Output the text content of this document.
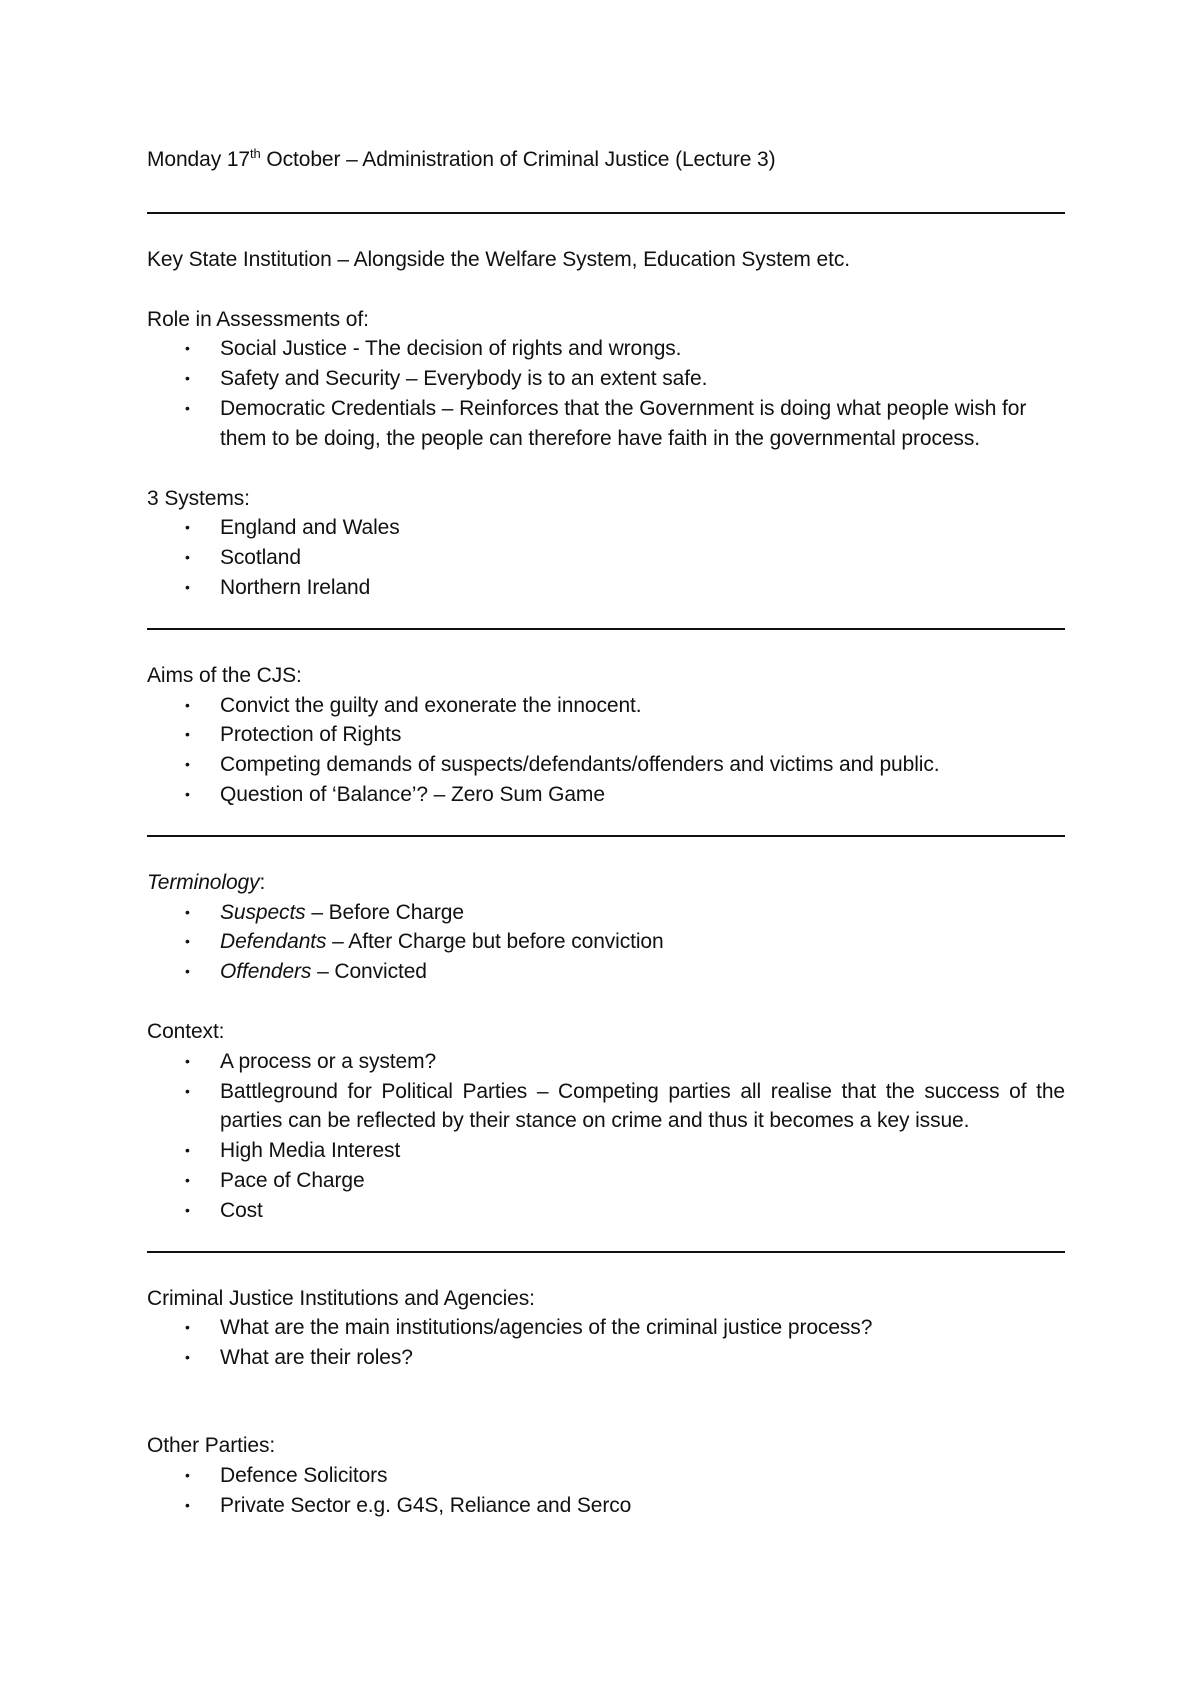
Monday 17th October – Administration of Criminal Justice (Lecture 3)

Key State Institution – Alongside the Welfare System, Education System etc.

Role in Assessments of:

• Social Justice - The decision of rights and wrongs.
• Safety and Security – Everybody is to an extent safe.
• Democratic Credentials – Reinforces that the Government is doing what people wish for them to be doing, the people can therefore have faith in the governmental process.

3 Systems:

• England and Wales
• Scotland
• Northern Ireland

Aims of the CJS:

• Convict the guilty and exonerate the innocent.
• Protection of Rights
• Competing demands of suspects/defendants/offenders and victims and public.
• Question of ‘Balance’? – Zero Sum Game

Terminology:

• Suspects – Before Charge
• Defendants – After Charge but before conviction
• Offenders – Convicted

Context:

• A process or a system?
• Battleground for Political Parties – Competing parties all realise that the success of the parties can be reflected by their stance on crime and thus it becomes a key issue.
• High Media Interest
• Pace of Charge
• Cost

Criminal Justice Institutions and Agencies:

• What are the main institutions/agencies of the criminal justice process?
• What are their roles?

Other Parties:

• Defence Solicitors
• Private Sector e.g. G4S, Reliance and Serco
